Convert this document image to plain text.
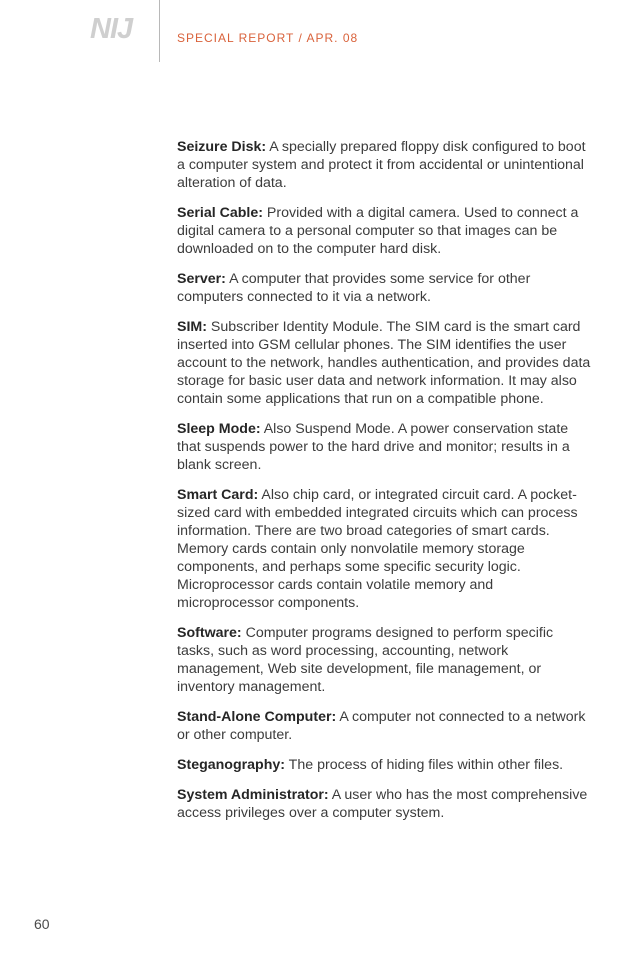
NIJ	SPECIAL REPORT / APR. 08

Seizure Disk: A specially prepared floppy disk configured to boot a computer system and protect it from accidental or unintentional alteration of data.

Serial Cable: Provided with a digital camera. Used to connect a digital camera to a personal computer so that images can be downloaded on to the computer hard disk.

Server: A computer that provides some service for other computers connected to it via a network.

SIM: Subscriber Identity Module. The SIM card is the smart card inserted into GSM cellular phones. The SIM identifies the user account to the network, handles authentication, and provides data storage for basic user data and network information. It may also contain some applications that run on a compatible phone.

Sleep Mode: Also Suspend Mode. A power conservation state that suspends power to the hard drive and monitor; results in a blank screen.

Smart Card: Also chip card, or integrated circuit card. A pocket-sized card with embedded integrated circuits which can process information. There are two broad categories of smart cards. Memory cards contain only nonvolatile memory storage components, and perhaps some specific security logic. Microprocessor cards contain volatile memory and microprocessor components.

Software: Computer programs designed to perform specific tasks, such as word processing, accounting, network management, Web site development, file management, or inventory management.

Stand-Alone Computer: A computer not connected to a network or other computer.

Steganography: The process of hiding files within other files.

System Administrator: A user who has the most comprehensive access privileges over a computer system.

60
